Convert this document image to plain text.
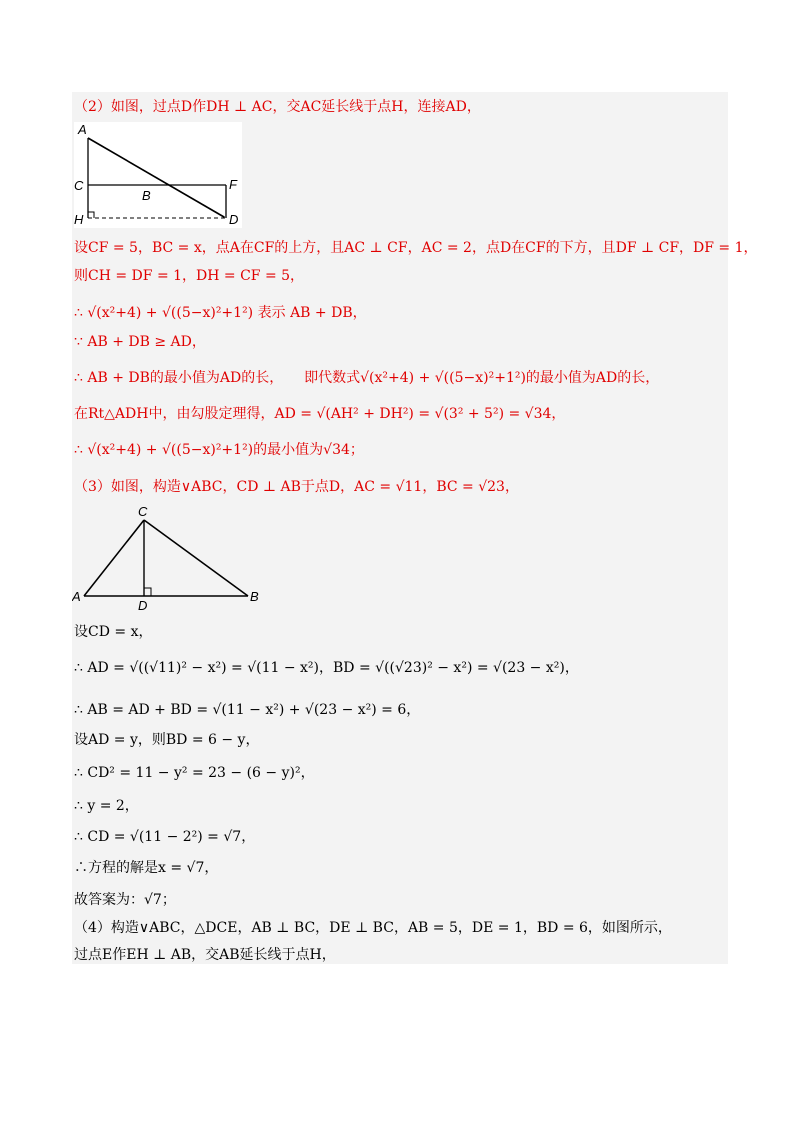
（2）如图，过点D作DH ⊥ AC，交AC延长线于点H，连接AD，
A
C
B
F
H	D
设CF = 5，BC = x，点A在CF的上方，且AC ⊥ CF，AC = 2，点D在CF的下方，且DF ⊥ CF，DF = 1，
则CH = DF = 1，DH = CF = 5，
∴ √(x²+4) + √((5−x)²+1²) 表示 AB + DB，
∵ AB + DB ≥ AD，
∴ AB + DB的最小值为AD的长， 即代数式√(x²+4) + √((5−x)²+1²)的最小值为AD的长，
在Rt△ADH中，由勾股定理得，AD = √(AH² + DH²) = √(3² + 5²) = √34，
∴ √(x²+4) + √((5−x)²+1²)的最小值为√34；
（3）如图，构造∨ABC，CD ⊥ AB于点D，AC = √11，BC = √23，
C
A
D
B
设CD = x，
∴ AD = √((√11)² − x²) = √(11 − x²)，BD = √((√23)² − x²) = √(23 − x²)，
∴ AB = AD + BD = √(11 − x²) + √(23 − x²) = 6，
设AD = y，则BD = 6 − y，
∴ CD² = 11 − y² = 23 − (6 − y)²，
∴ y = 2，
∴ CD = √(11 − 2²) = √7，
∴方程的解是x = √7，
故答案为：√7；
（4）构造∨ABC，△DCE，AB ⊥ BC，DE ⊥ BC，AB = 5，DE = 1，BD = 6，如图所示，
过点E作EH ⊥ AB，交AB延长线于点H，
